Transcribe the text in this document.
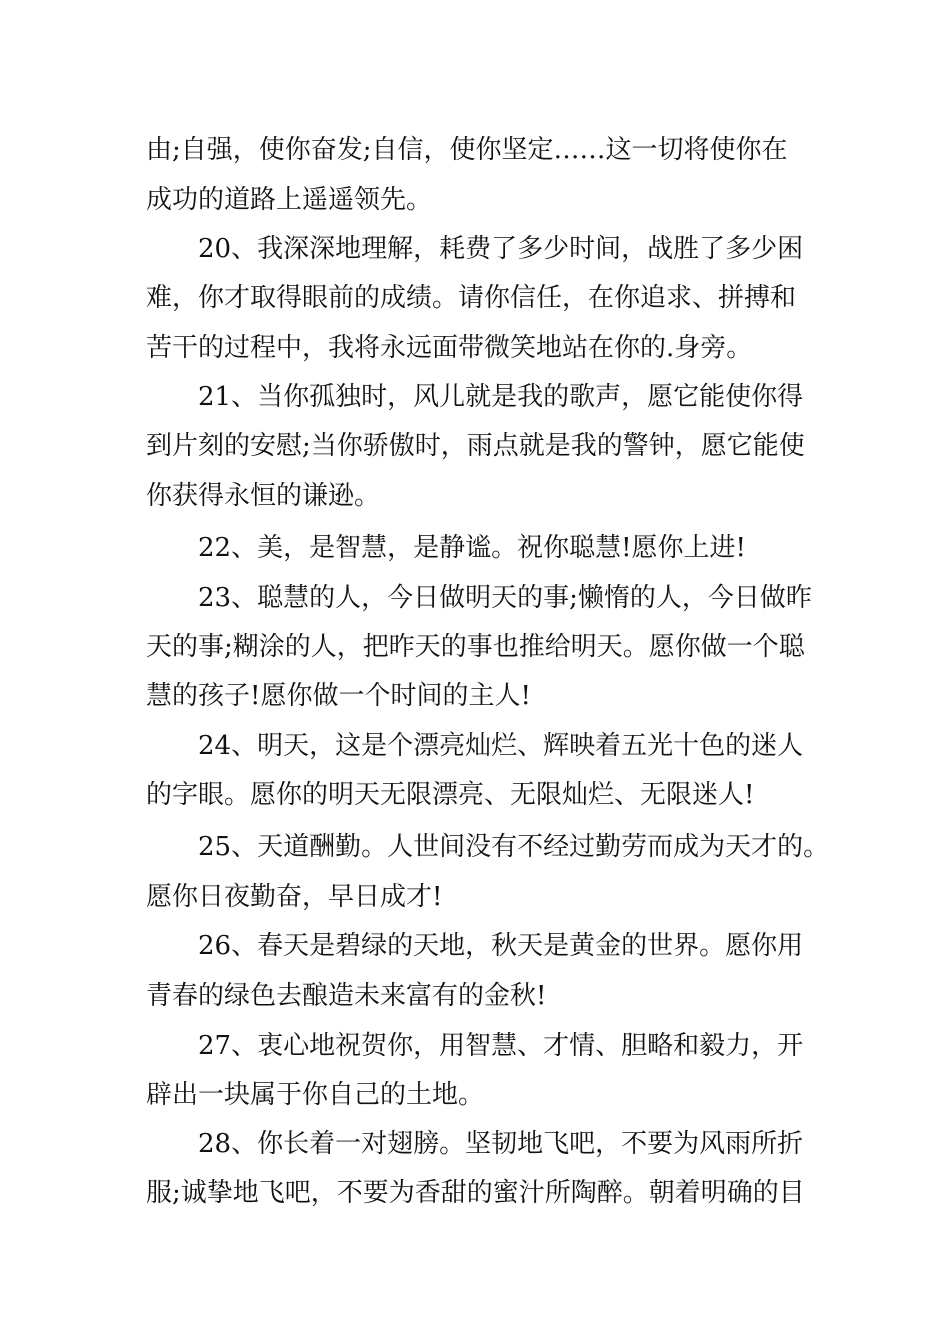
由;自强，使你奋发;自信，使你坚定……这一切将使你在
成功的道路上遥遥领先。
20、我深深地理解，耗费了多少时间，战胜了多少困
难，你才取得眼前的成绩。请你信任，在你追求、拼搏和
苦干的过程中，我将永远面带微笑地站在你的.身旁。
21、当你孤独时，风儿就是我的歌声，愿它能使你得
到片刻的安慰;当你骄傲时，雨点就是我的警钟，愿它能使
你获得永恒的谦逊。
22、美，是智慧，是静谧。祝你聪慧!愿你上进!
23、聪慧的人，今日做明天的事;懒惰的人，今日做昨
天的事;糊涂的人，把昨天的事也推给明天。愿你做一个聪
慧的孩子!愿你做一个时间的主人!
24、明天，这是个漂亮灿烂、辉映着五光十色的迷人
的字眼。愿你的明天无限漂亮、无限灿烂、无限迷人!
25、天道酬勤。人世间没有不经过勤劳而成为天才的。
愿你日夜勤奋，早日成才!
26、春天是碧绿的天地，秋天是黄金的世界。愿你用
青春的绿色去酿造未来富有的金秋!
27、衷心地祝贺你，用智慧、才情、胆略和毅力，开
辟出一块属于你自己的土地。
28、你长着一对翅膀。坚韧地飞吧，不要为风雨所折
服;诚挚地飞吧，不要为香甜的蜜汁所陶醉。朝着明确的目
